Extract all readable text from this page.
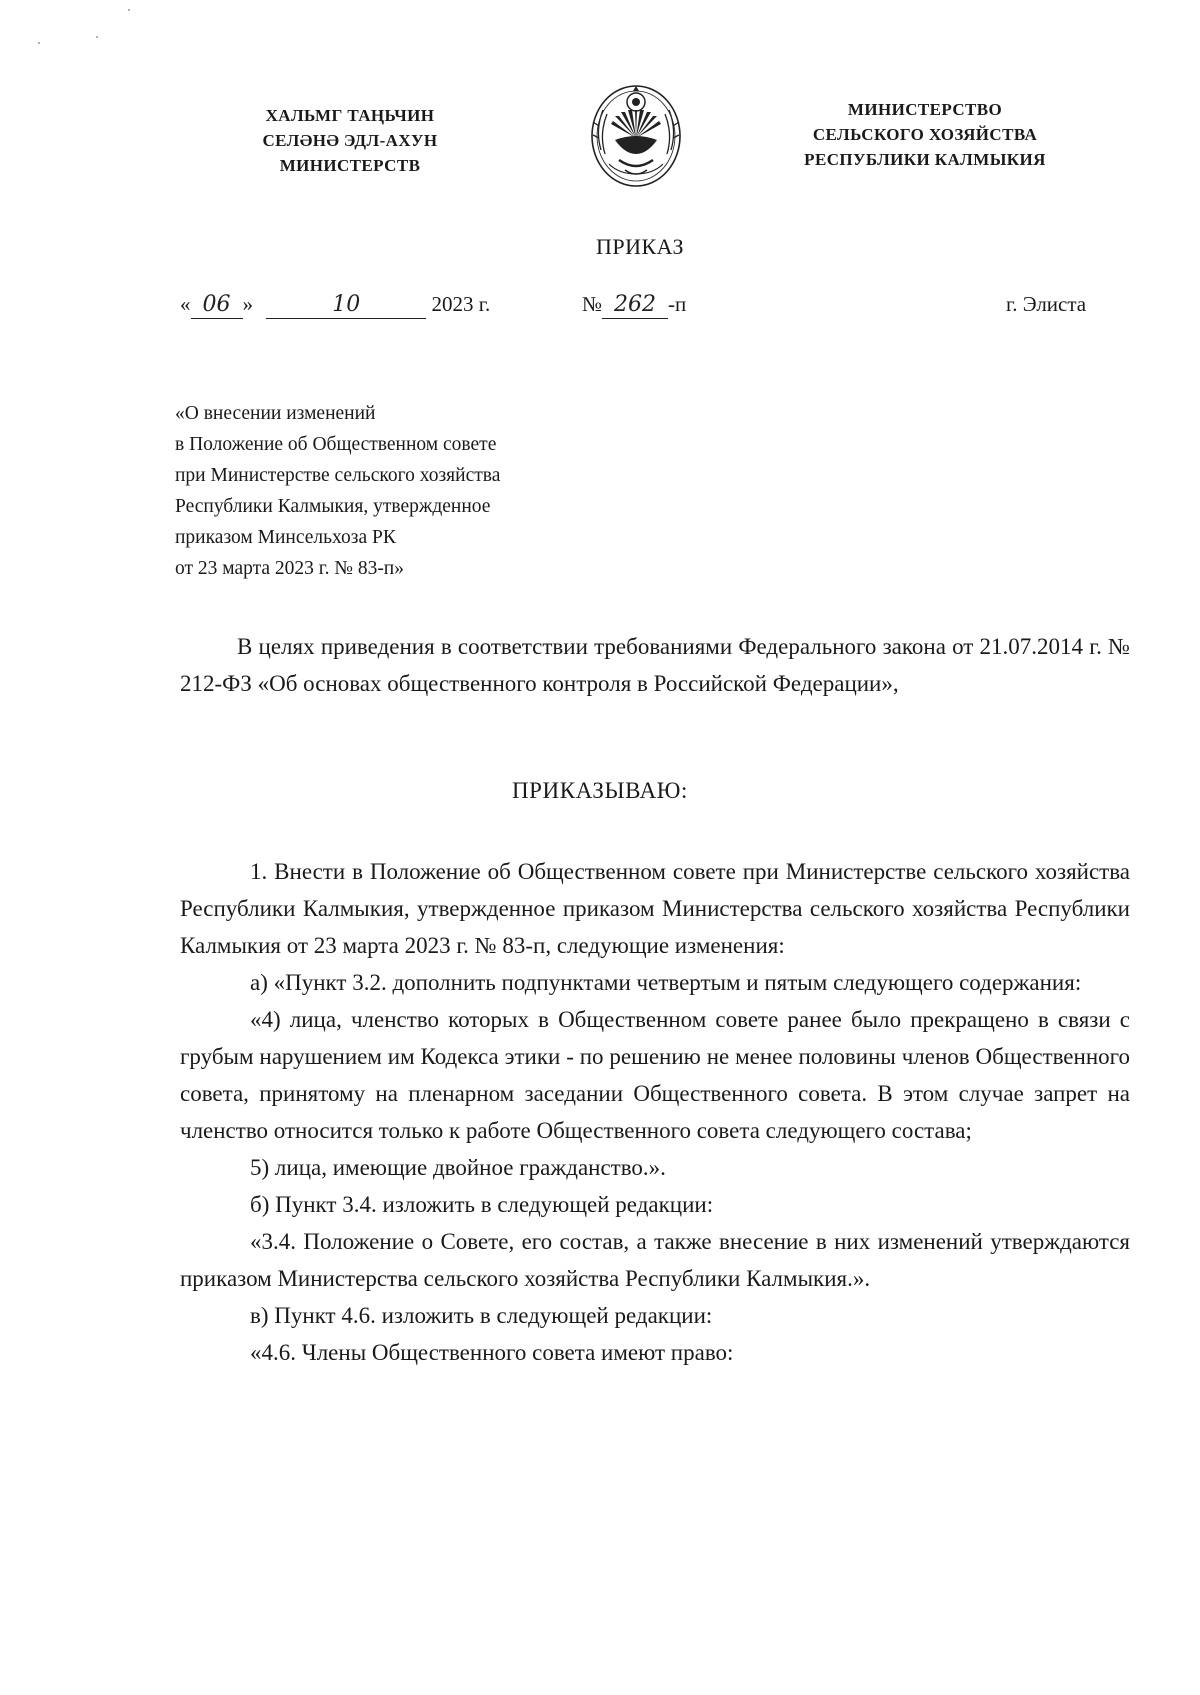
ХАЛЬМГ ТАҢЬЧИН
СЕЛӘНӘ ЭДЛ-АХУН
МИНИСТЕРСТВ
МИНИСТЕРСТВО
СЕЛЬСКОГО ХОЗЯЙСТВА
РЕСПУБЛИКИ КАЛМЫКИЯ
ПРИКАЗ
« 06 »	10	2023 г.	№ 262 -п	г. Элиста
«О внесении изменений
в Положение об Общественном совете
при Министерстве сельского хозяйства
Республики Калмыкия, утвержденное
приказом Минсельхоза РК
от 23 марта 2023 г. № 83-п»
В целях приведения в соответствии требованиями Федерального закона от 21.07.2014 г. № 212-ФЗ «Об основах общественного контроля в Российской Федерации»,
ПРИКАЗЫВАЮ:

1. Внести в Положение об Общественном совете при Министерстве сельского хозяйства Республики Калмыкия, утвержденное приказом Министерства сельского хозяйства Республики Калмыкия от 23 марта 2023 г. № 83-п, следующие изменения:

а) «Пункт 3.2. дополнить подпунктами четвертым и пятым следующего содержания:

«4) лица, членство которых в Общественном совете ранее было прекращено в связи с грубым нарушением им Кодекса этики - по решению не менее половины членов Общественного совета, принятому на пленарном заседании Общественного совета. В этом случае запрет на членство относится только к работе Общественного совета следующего состава;

5) лица, имеющие двойное гражданство.».

б) Пункт 3.4. изложить в следующей редакции:

«3.4. Положение о Совете, его состав, а также внесение в них изменений утверждаются приказом Министерства сельского хозяйства Республики Калмыкия.».

в) Пункт 4.6. изложить в следующей редакции:

«4.6. Члены Общественного совета имеют право:
